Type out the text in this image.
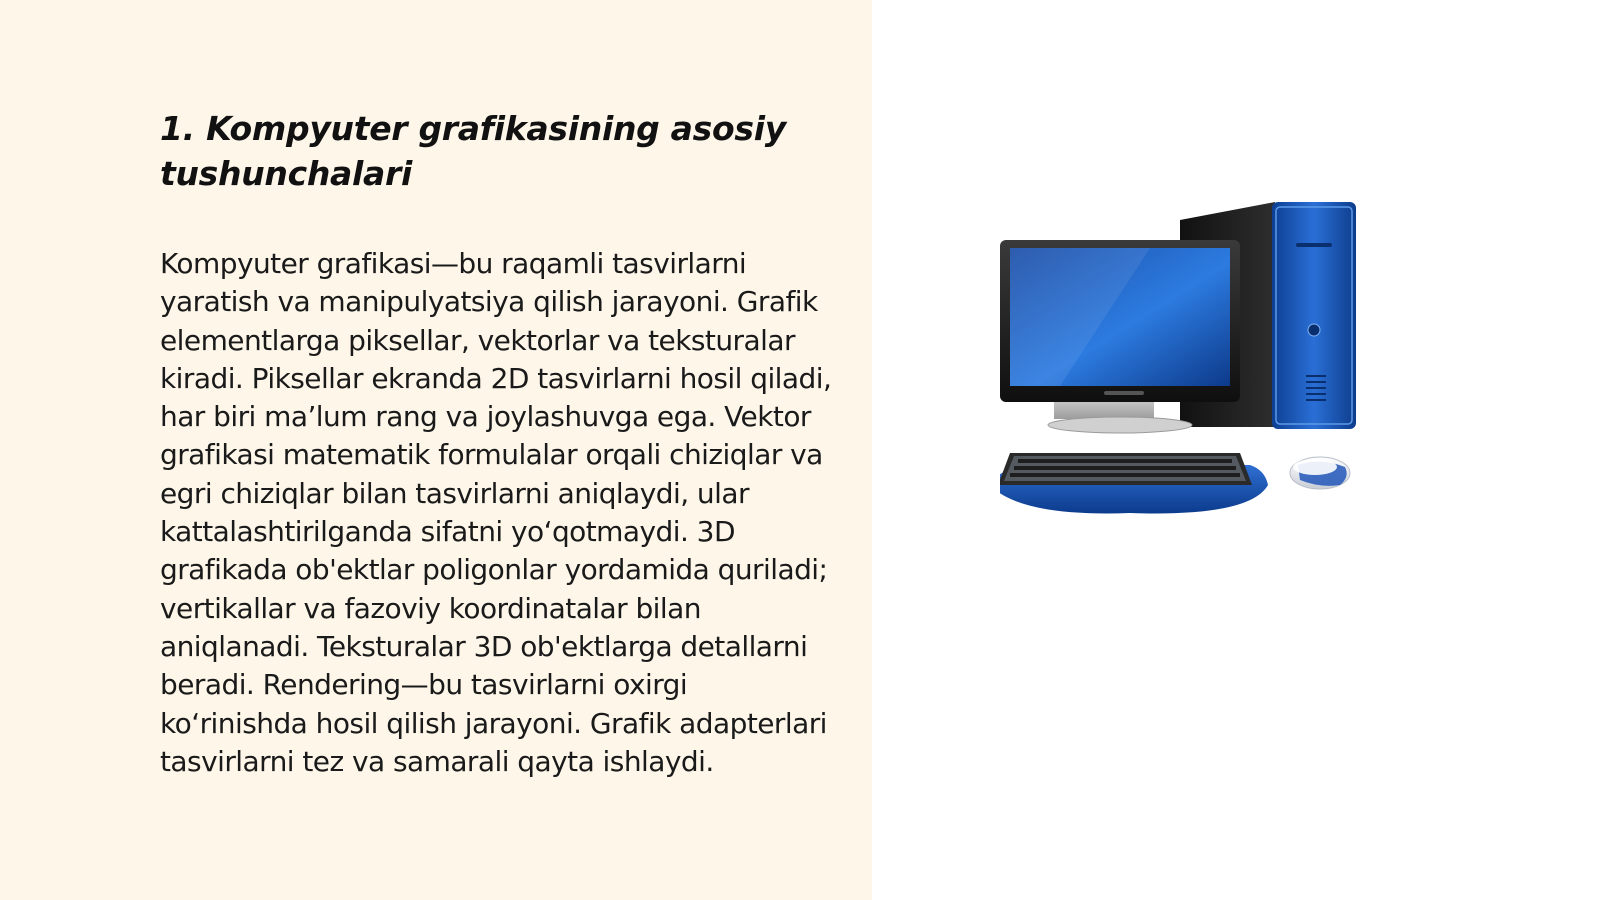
1. Kompyuter grafikasining asosiy tushunchalari

Kompyuter grafikasi—bu raqamli tasvirlarni yaratish va manipulyatsiya qilish jarayoni. Grafik elementlarga piksellar, vektorlar va teksturalar kiradi. Piksellar ekranda 2D tasvirlarni hosil qiladi, har biri ma’lum rang va joylashuvga ega. Vektor grafikasi matematik formulalar orqali chiziqlar va egri chiziqlar bilan tasvirlarni aniqlaydi, ular kattalashtirilganda sifatni yo‘qotmaydi. 3D grafikada ob'ektlar poligonlar yordamida quriladi; vertikallar va fazoviy koordinatalar bilan aniqlanadi. Teksturalar 3D ob'ektlarga detallarni beradi. Rendering—bu tasvirlarni oxirgi ko‘rinishda hosil qilish jarayoni. Grafik adapterlari tasvirlarni tez va samarali qayta ishlaydi.
